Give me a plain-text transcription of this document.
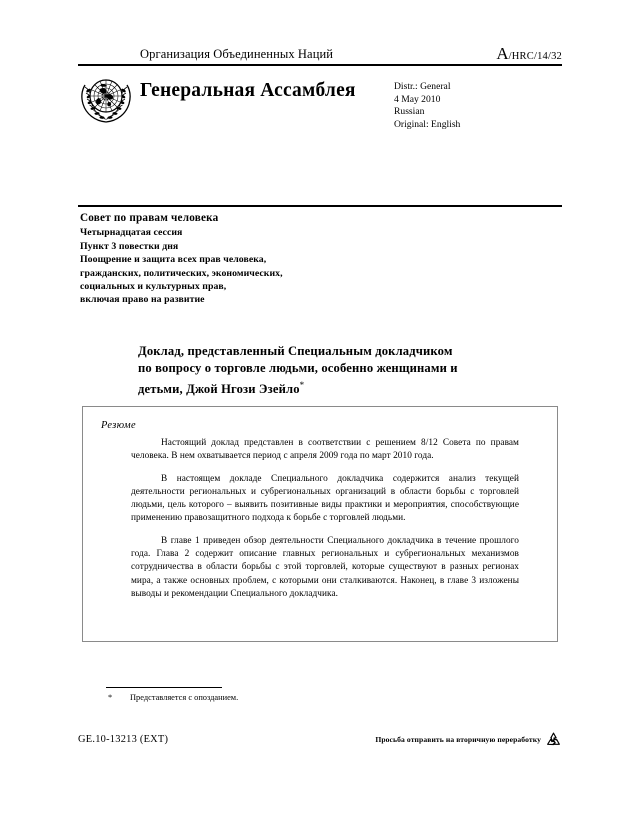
Организация Объединенных Наций	A /HRC/14/32
Генеральная Ассамблея	Distr.: General
4 May 2010
Russian
Original: English
Совет по правам человека
Четырнадцатая сессия
Пункт 3 повестки дня
Поощрение и защита всех прав человека,
гражданских, политических, экономических,
социальных и культурных прав,
включая право на развитие
Доклад, представленный Специальным докладчиком
по вопросу о торговле людьми, особенно женщинами и
детьми, Джой Нгози Эзейло*
Резюме

Настоящий доклад представлен в соответствии с решением 8/12 Совета по правам человека. В нем охватывается период с апреля 2009 года по март 2010 года.

В настоящем докладе Специального докладчика содержится анализ текущей деятельности региональных и субрегиональных организаций в области борьбы с торговлей людьми, цель которого – выявить позитивные виды практики и мероприятия, способствующие применению правозащитного подхода к борьбе с торговлей людьми.

В главе 1 приведен обзор деятельности Специального докладчика в течение прошлого года. Глава 2 содержит описание главных региональных и субрегиональных механизмов сотрудничества в области борьбы с этой торговлей, которые существуют в разных регионах мира, а также основных проблем, с которыми они сталкиваются. Наконец, в главе 3 изложены выводы и рекомендации Специального докладчика.

*	Представляется с опозданием.
GE.10-13213 (EXT)	Просьба отправить на вторичную переработку
